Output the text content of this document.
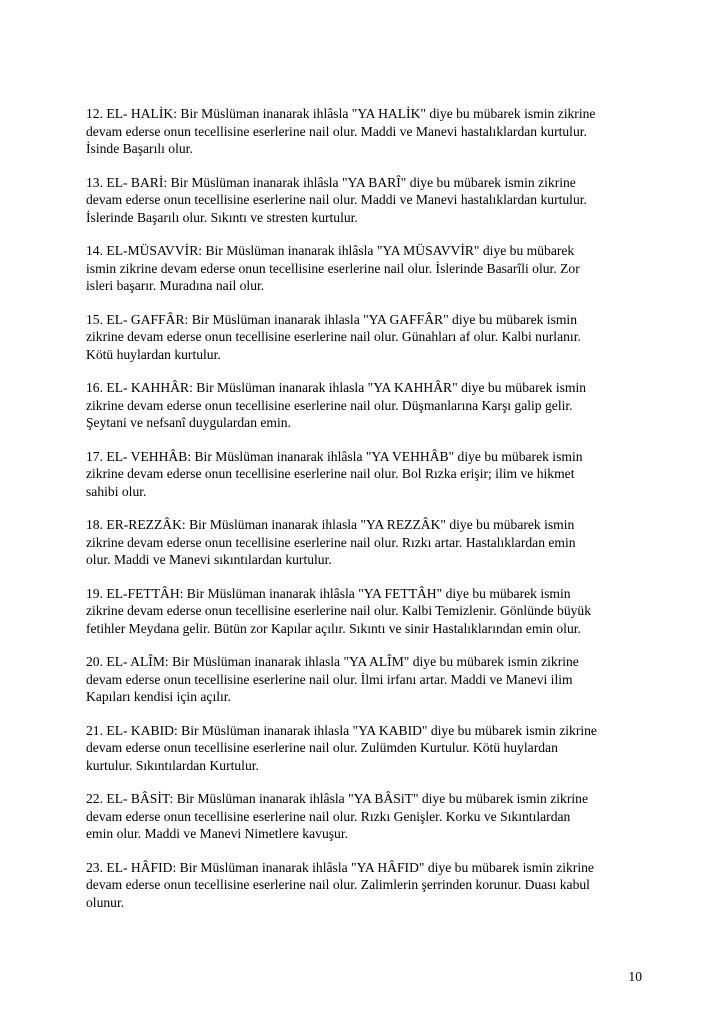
12. EL- HALİK: Bir Müslüman inanarak ihlâsla "YA HALİK" diye bu mübarek ismin zikrine
devam ederse onun tecellisine eserlerine nail olur. Maddi ve Manevi hastalıklardan kurtulur.
İsinde Başarılı olur.

13. EL- BARİ: Bir Müslüman inanarak ihlâsla "YA BARÎ" diye bu mübarek ismin zikrine
devam ederse onun tecellisine eserlerine nail olur. Maddi ve Manevi hastalıklardan kurtulur.
İslerinde Başarılı olur. Sıkıntı ve stresten kurtulur.

14. EL-MÜSAVVİR: Bir Müslüman inanarak ihlâsla "YA MÜSAVVİR" diye bu mübarek
ismin zikrine devam ederse onun tecellisine eserlerine nail olur. İslerinde Basarîli olur. Zor
isleri başarır. Muradına nail olur.

15. EL- GAFFÂR: Bir Müslüman inanarak ihlasla "YA GAFFÂR" diye bu mübarek ismin
zikrine devam ederse onun tecellisine eserlerine nail olur. Günahları af olur. Kalbi nurlanır.
Kötü huylardan kurtulur.

16. EL- KAHHÂR: Bir Müslüman inanarak ihlasla "YA KAHHÂR" diye bu mübarek ismin
zikrine devam ederse onun tecellisine eserlerine nail olur. Düşmanlarına Karşı galip gelir.
Şeytani ve nefsanî duygulardan emin.

17. EL- VEHHÂB: Bir Müslüman inanarak ihlâsla "YA VEHHÂB" diye bu mübarek ismin
zikrine devam ederse onun tecellisine eserlerine nail olur. Bol Rızka erişir; ilim ve hikmet
sahibi olur.

18. ER-REZZÂK: Bir Müslüman inanarak ihlasla "YA REZZÂK" diye bu mübarek ismin
zikrine devam ederse onun tecellisine eserlerine nail olur. Rızkı artar. Hastalıklardan emin
olur. Maddi ve Manevi sıkıntılardan kurtulur.

19. EL-FETTÂH: Bir Müslüman inanarak ihlâsla "YA FETTÂH" diye bu mübarek ismin
zikrine devam ederse onun tecellisine eserlerine nail olur. Kalbi Temizlenir. Gönlünde büyük
fetihler Meydana gelir. Bütün zor Kapılar açılır. Sıkıntı ve sinir Hastalıklarından emin olur.

20. EL- ALÎM: Bir Müslüman inanarak ihlasla "YA ALÎM" diye bu mübarek ismin zikrine
devam ederse onun tecellisine eserlerine nail olur. İlmi irfanı artar. Maddi ve Manevi ilim
Kapıları kendisi için açılır.

21. EL- KABID: Bir Müslüman inanarak ihlasla "YA KABID" diye bu mübarek ismin zikrine
devam ederse onun tecellisine eserlerine nail olur. Zulümden Kurtulur. Kötü huylardan
kurtulur. Sıkıntılardan Kurtulur.

22. EL- BÂSİT: Bir Müslüman inanarak ihlâsla "YA BÂSiT" diye bu mübarek ismin zikrine
devam ederse onun tecellisine eserlerine nail olur. Rızkı Genişler. Korku ve Sıkıntılardan
emin olur. Maddi ve Manevi Nimetlere kavuşur.

23. EL- HÂFID: Bir Müslüman inanarak ihlâsla "YA HÂFID" diye bu mübarek ismin zikrine
devam ederse onun tecellisine eserlerine nail olur. Zalimlerin şerrinden korunur. Duası kabul
olunur.

10
